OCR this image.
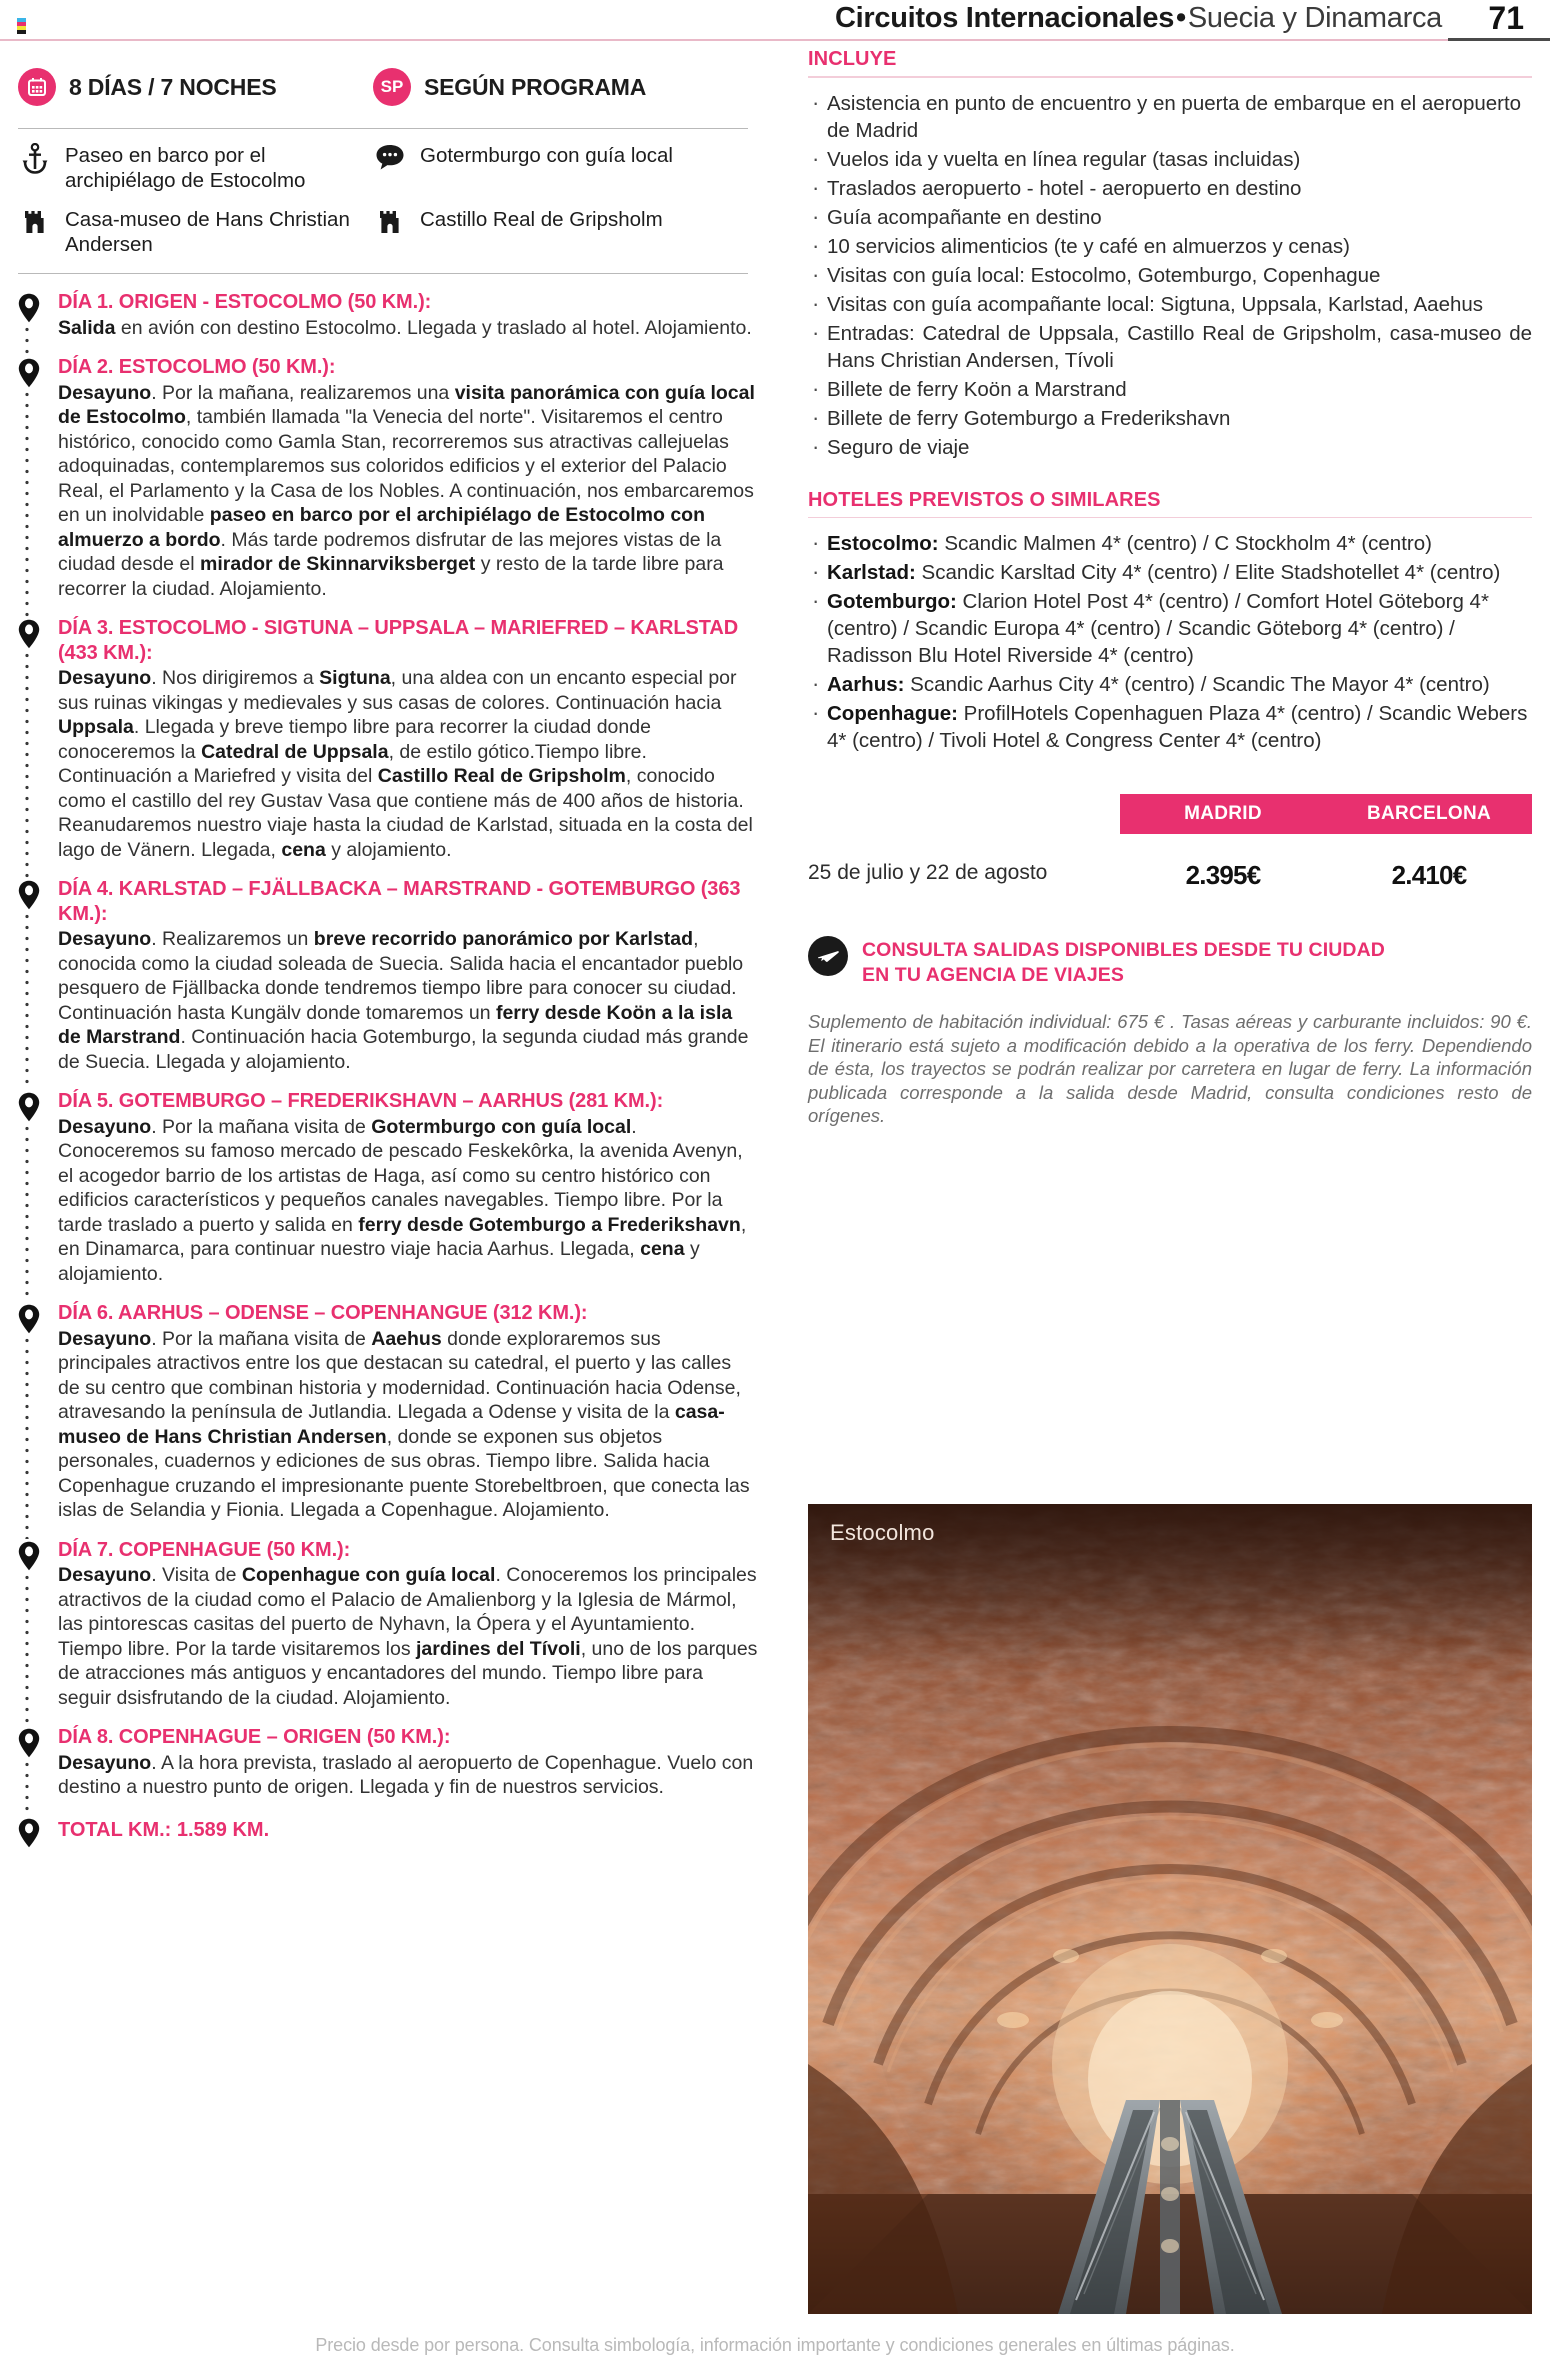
Circuitos Internacionales•Suecia y Dinamarca 71
8 DÍAS / 7 NOCHES	SP SEGÚN PROGRAMA
Paseo en barco por el archipiélago de Estocolmo
Gotermburgo con guía local
Casa-museo de Hans Christian Andersen
Castillo Real de Gripsholm
DÍA 1. ORIGEN - ESTOCOLMO (50 KM.):
Salida en avión con destino Estocolmo. Llegada y traslado al hotel. Alojamiento.
DÍA 2. ESTOCOLMO (50 KM.):
Desayuno. Por la mañana, realizaremos una visita panorámica con guía local de Estocolmo, también llamada "la Venecia del norte". Visitaremos el centro histórico, conocido como Gamla Stan, recorreremos sus atractivas callejuelas adoquinadas, contemplaremos sus coloridos edificios y el exterior del Palacio Real, el Parlamento y la Casa de los Nobles. A continuación, nos embarcaremos en un inolvidable paseo en barco por el archipiélago de Estocolmo con almuerzo a bordo. Más tarde podremos disfrutar de las mejores vistas de la ciudad desde el mirador de Skinnarviksberget y resto de la tarde libre para recorrer la ciudad. Alojamiento.
DÍA 3. ESTOCOLMO - SIGTUNA – UPPSALA – MARIEFRED – KARLSTAD (433 KM.):
Desayuno. Nos dirigiremos a Sigtuna, una aldea con un encanto especial por sus ruinas vikingas y medievales y sus casas de colores. Continuación hacia Uppsala. Llegada y breve tiempo libre para recorrer la ciudad donde conoceremos la Catedral de Uppsala, de estilo gótico.Tiempo libre. Continuación a Mariefred y visita del Castillo Real de Gripsholm, conocido como el castillo del rey Gustav Vasa que contiene más de 400 años de historia. Reanudaremos nuestro viaje hasta la ciudad de Karlstad, situada en la costa del lago de Vänern. Llegada, cena y alojamiento.
DÍA 4. KARLSTAD – FJÄLLBACKA – MARSTRAND - GOTEMBURGO (363 KM.):
Desayuno. Realizaremos un breve recorrido panorámico por Karlstad, conocida como la ciudad soleada de Suecia. Salida hacia el encantador pueblo pesquero de Fjällbacka donde tendremos tiempo libre para conocer su ciudad. Continuación hasta Kungälv donde tomaremos un ferry desde Koön a la isla de Marstrand. Continuación hacia Gotemburgo, la segunda ciudad más grande de Suecia. Llegada y alojamiento.
DÍA 5. GOTEMBURGO – FREDERIKSHAVN – AARHUS (281 KM.):
Desayuno. Por la mañana visita de Gotermburgo con guía local. Conoceremos su famoso mercado de pescado Feskekôrka, la avenida Avenyn, el acogedor barrio de los artistas de Haga, así como su centro histórico con edificios característicos y pequeños canales navegables. Tiempo libre. Por la tarde traslado a puerto y salida en ferry desde Gotemburgo a Frederikshavn, en Dinamarca, para continuar nuestro viaje hacia Aarhus. Llegada, cena y alojamiento.
DÍA 6. AARHUS – ODENSE – COPENHANGUE (312 KM.):
Desayuno. Por la mañana visita de Aaehus donde exploraremos sus principales atractivos entre los que destacan su catedral, el puerto y las calles de su centro que combinan historia y modernidad. Continuación hacia Odense, atravesando la península de Jutlandia. Llegada a Odense y visita de la casa-museo de Hans Christian Andersen, donde se exponen sus objetos personales, cuadernos y ediciones de sus obras. Tiempo libre. Salida hacia Copenhague cruzando el impresionante puente Storebeltbroen, que conecta las islas de Selandia y Fionia. Llegada a Copenhague. Alojamiento.
DÍA 7. COPENHAGUE (50 KM.):
Desayuno. Visita de Copenhague con guía local. Conoceremos los principales atractivos de la ciudad como el Palacio de Amalienborg y la Iglesia de Mármol, las pintorescas casitas del puerto de Nyhavn, la Ópera y el Ayuntamiento. Tiempo libre. Por la tarde visitaremos los jardines del Tívoli, uno de los parques de atracciones más antiguos y encantadores del mundo. Tiempo libre para seguir dsisfrutando de la ciudad. Alojamiento.
DÍA 8. COPENHAGUE – ORIGEN (50 KM.):
Desayuno. A la hora prevista, traslado al aeropuerto de Copenhague. Vuelo con destino a nuestro punto de origen. Llegada y fin de nuestros servicios.
TOTAL KM.: 1.589 KM.
INCLUYE
· Asistencia en punto de encuentro y en puerta de embarque en el aeropuerto de Madrid
· Vuelos ida y vuelta en línea regular (tasas incluidas)
· Traslados aeropuerto - hotel - aeropuerto en destino
· Guía acompañante en destino
· 10 servicios alimenticios (te y café en almuerzos y cenas)
· Visitas con guía local: Estocolmo, Gotemburgo, Copenhague
· Visitas con guía acompañante local: Sigtuna, Uppsala, Karlstad, Aaehus
· Entradas: Catedral de Uppsala, Castillo Real de Gripsholm, casa-museo de Hans Christian Andersen, Tívoli
· Billete de ferry Koön a Marstrand
· Billete de ferry Gotemburgo a Frederikshavn
· Seguro de viaje
HOTELES PREVISTOS O SIMILARES
· Estocolmo: Scandic Malmen 4* (centro) / C Stockholm 4* (centro)
· Karlstad: Scandic Karsltad City 4* (centro) / Elite Stadshotellet 4* (centro)
· Gotemburgo: Clarion Hotel Post 4* (centro) / Comfort Hotel Göteborg 4* (centro) / Scandic Europa 4* (centro) / Scandic Göteborg 4* (centro) / Radisson Blu Hotel Riverside 4* (centro)
· Aarhus: Scandic Aarhus City 4* (centro) / Scandic The Mayor 4* (centro)
· Copenhague: ProfilHotels Copenhaguen Plaza 4* (centro) / Scandic Webers 4* (centro) / Tivoli Hotel & Congress Center 4* (centro)
MADRID	BARCELONA
25 de julio y 22 de agosto	2.395€	2.410€
CONSULTA SALIDAS DISPONIBLES DESDE TU CIUDAD
EN TU AGENCIA DE VIAJES
Suplemento de habitación individual: 675 € . Tasas aéreas y carburante incluidos: 90 €. El itinerario está sujeto a modificación debido a la operativa de los ferry. Dependiendo de ésta, los trayectos se podrán realizar por carretera en lugar de ferry. La información publicada corresponde a la salida desde Madrid, consulta condiciones resto de orígenes.
Estocolmo
Precio desde por persona. Consulta simbología, información importante y condiciones generales en últimas páginas.
